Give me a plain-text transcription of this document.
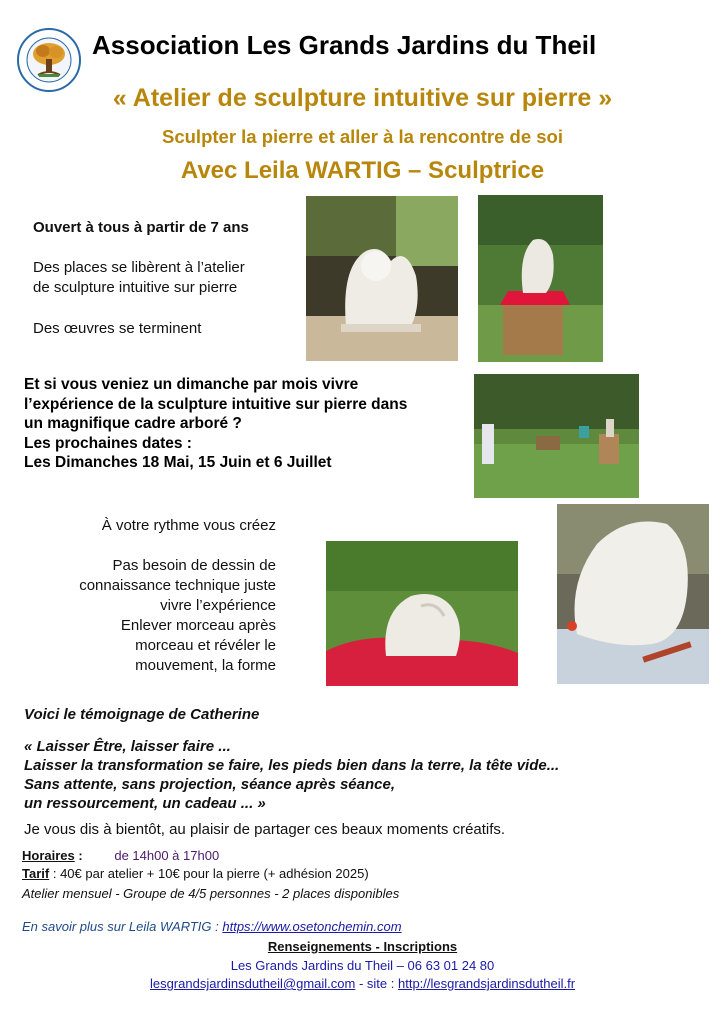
Association Les Grands Jardins du Theil
« Atelier de sculpture intuitive sur pierre »
Sculpter la pierre et aller à la rencontre de soi
Avec Leila WARTIG – Sculptrice
Ouvert à tous à partir de 7 ans
Des places se libèrent à l’atelier
de sculpture intuitive sur pierre
Des œuvres se terminent
Et si vous veniez un dimanche par mois vivre
l’expérience de la sculpture intuitive sur pierre dans
un magnifique cadre arboré ?
Les prochaines dates :
Les Dimanches 18 Mai, 15 Juin et 6 Juillet
À votre rythme vous créez
Pas besoin de dessin de
connaissance technique juste
vivre l’expérience
Enlever morceau après
morceau et révéler le
mouvement, la forme
Voici le témoignage de Catherine
« Laisser Être, laisser faire ...
Laisser la transformation se faire, les pieds bien dans la terre, la tête vide...
Sans attente, sans projection, séance après séance,
un ressourcement, un cadeau ... »
Je vous dis à bientôt, au plaisir de partager ces beaux moments créatifs.
Horaires : de 14h00 à 17h00
Tarif : 40€ par atelier + 10€ pour la pierre (+ adhésion 2025)
Atelier mensuel - Groupe de 4/5 personnes - 2 places disponibles
En savoir plus sur Leila WARTIG : https://www.osetonchemin.com
Renseignements - Inscriptions
Les Grands Jardins du Theil – 06 63 01 24 80
lesgrandsjardinsdutheil@gmail.com - site : http://lesgrandsjardinsdutheil.fr
